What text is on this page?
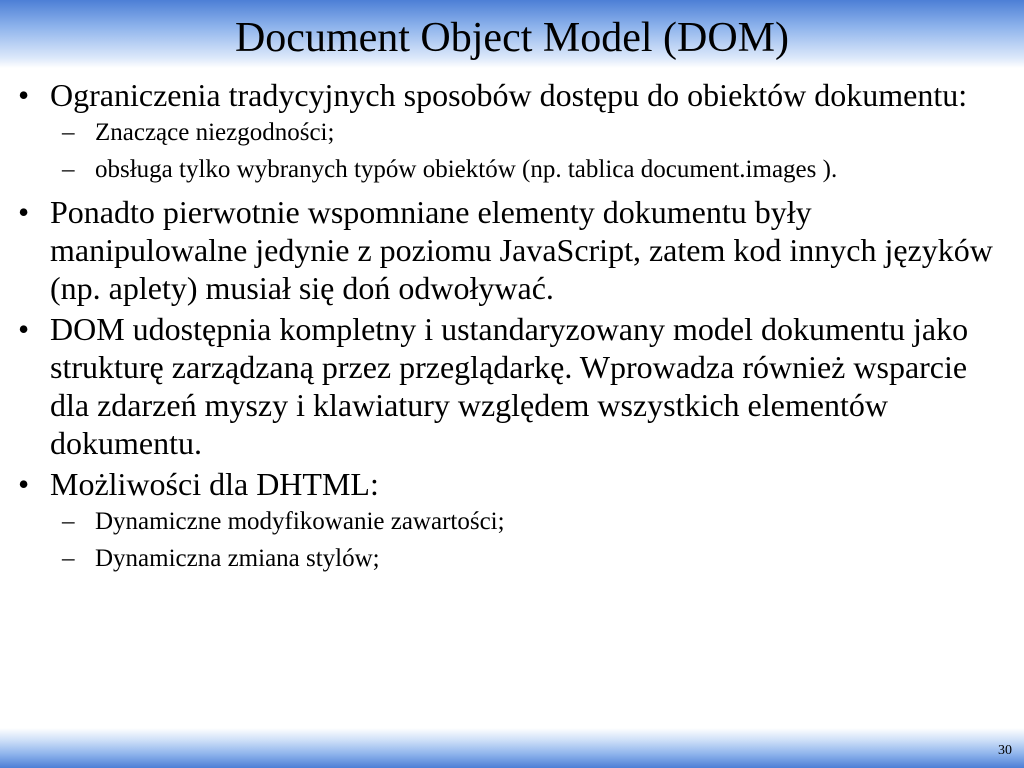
Document Object Model (DOM)
• Ograniczenia tradycyjnych sposobów dostępu do obiektów dokumentu:
– Znaczące niezgodności;
– obsługa tylko wybranych typów obiektów (np. tablica document.images ).
• Ponadto pierwotnie wspomniane elementy dokumentu były manipulowalne jedynie z poziomu JavaScript, zatem kod innych języków (np. aplety) musiał się doń odwoływać.
• DOM udostępnia kompletny i ustandaryzowany model dokumentu jako strukturę zarządzaną przez przeglądarkę. Wprowadza również wsparcie dla zdarzeń myszy i klawiatury względem wszystkich elementów dokumentu.
• Możliwości dla DHTML:
– Dynamiczne modyfikowanie zawartości;
– Dynamiczna zmiana stylów;
30
